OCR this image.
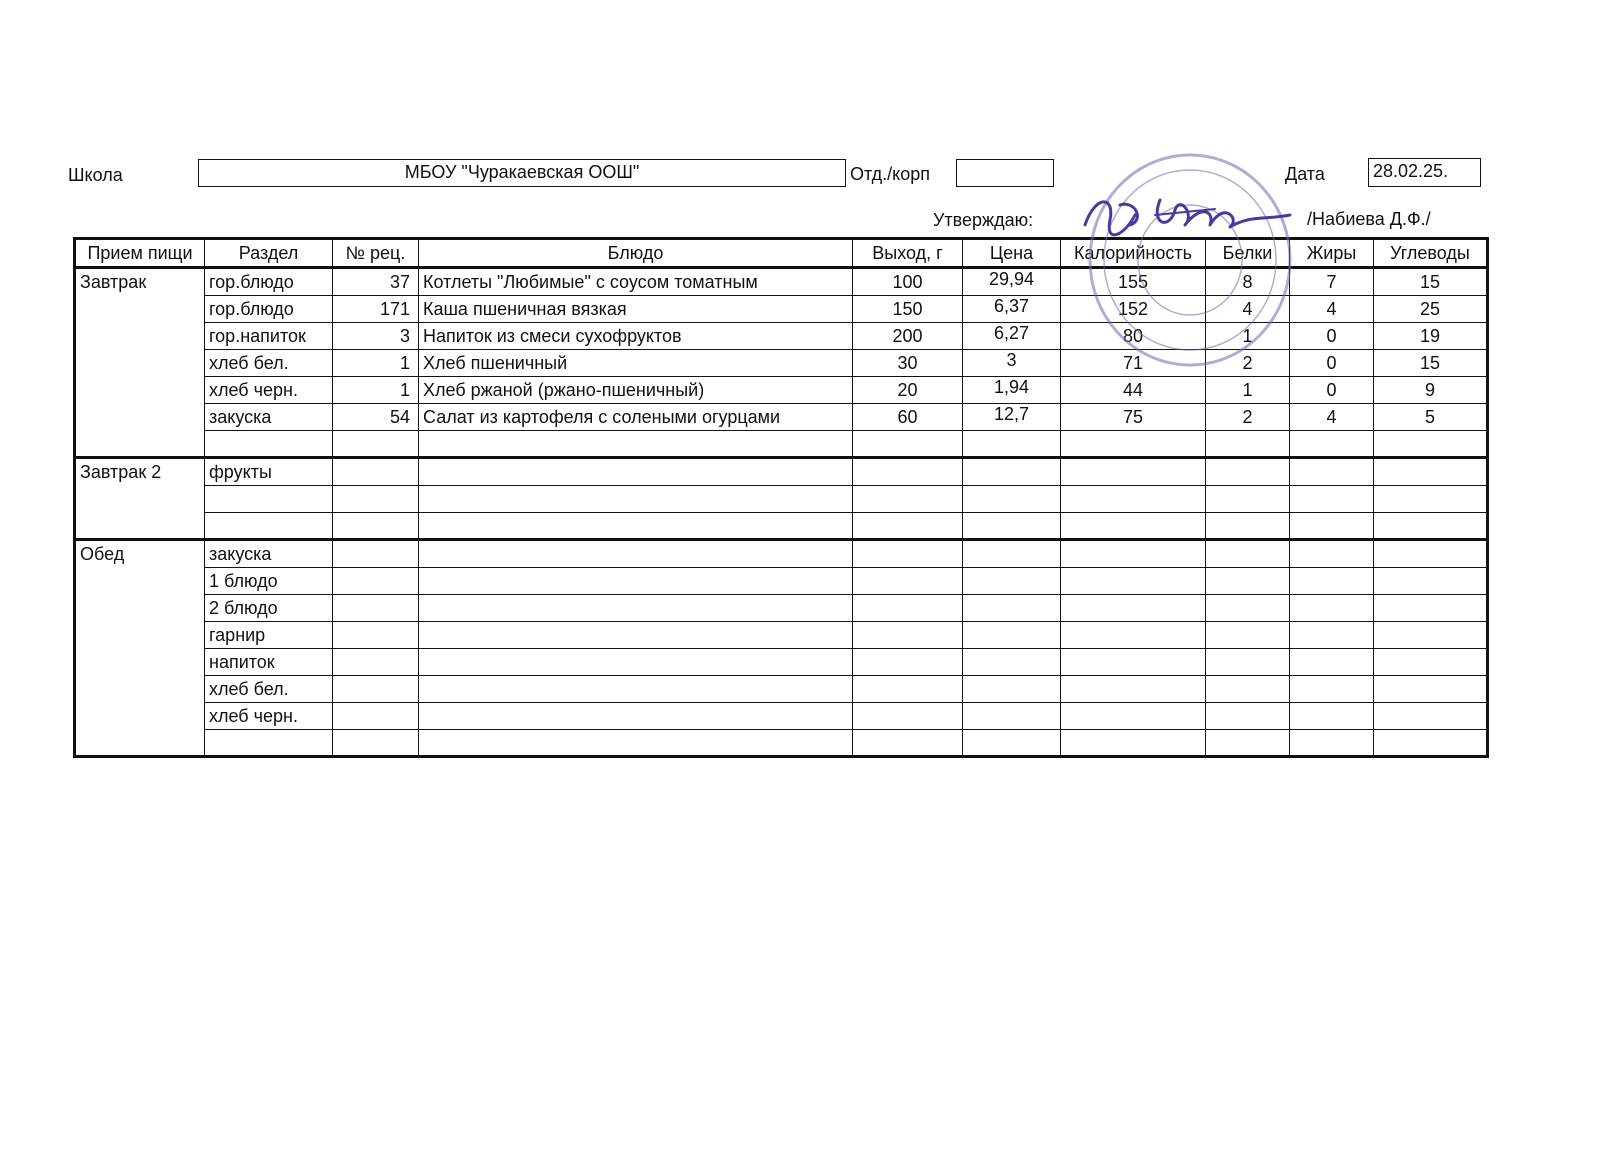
Школа	МБОУ "Чуракаевская ООШ"	Отд./корп	Дата	28.02.25.
Утверждаю:	/Набиева Д.Ф./
Прием пищи	Раздел	№ рец.	Блюдо	Выход, г	Цена	Калорийность	Белки	Жиры	Углеводы
Завтрак	гор.блюдо	37	Котлеты "Любимые" с соусом томатным	100	29,94	155	8	7	15
	гор.блюдо	171	Каша пшеничная вязкая	150	6,37	152	4	4	25
	гор.напиток	3	Напиток из смеси сухофруктов	200	6,27	80	1	0	19
	хлеб бел.	1	Хлеб пшеничный	30	3	71	2	0	15
	хлеб черн.	1	Хлеб ржаной (ржано-пшеничный)	20	1,94	44	1	0	9
	закуска	54	Салат из картофеля с солеными огурцами	60	12,7	75	2	4	5

Завтрак 2	фрукты								

Обед	закуска								
	1 блюдо								
	2 блюдо								
	гарнир								
	напиток								
	хлеб бел.								
	хлеб черн.								
